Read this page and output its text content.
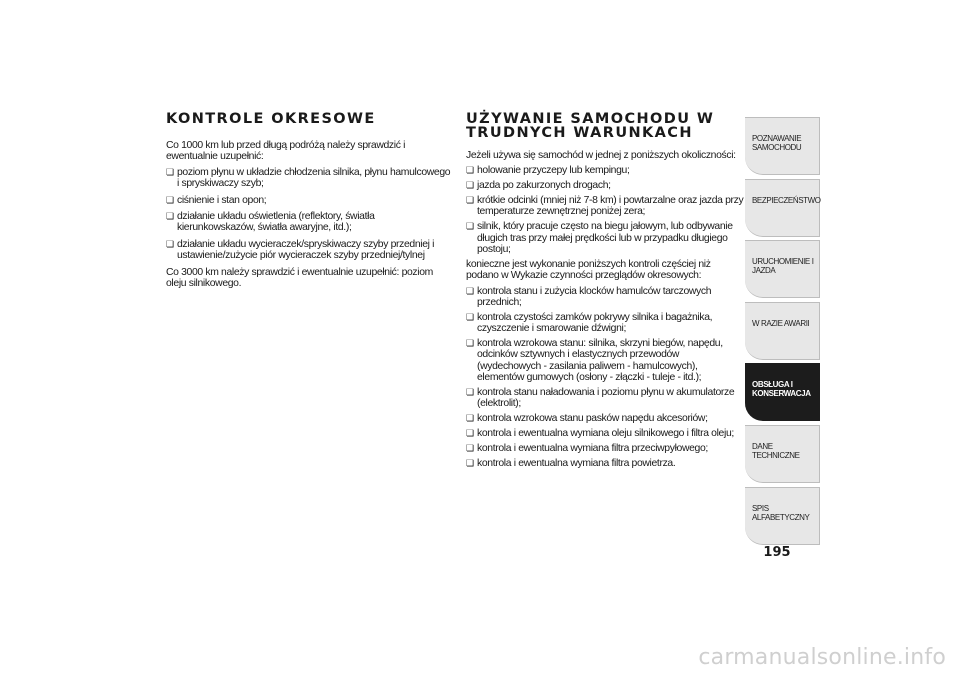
KONTROLE OKRESOWE

Co 1000 km lub przed długą podróżą należy sprawdzić i ewentualnie uzupełnić:

❏ poziom płynu w układzie chłodzenia silnika, płynu hamulcowego i spryskiwaczy szyb;
❏ ciśnienie i stan opon;
❏ działanie układu oświetlenia (reflektory, światła kierunkowskazów, światła awaryjne, itd.);
❏ działanie układu wycieraczek/spryskiwaczy szyby przedniej i ustawienie/zużycie piór wycieraczek szyby przedniej/tylnej

Co 3000 km należy sprawdzić i ewentualnie uzupełnić: poziom oleju silnikowego.

UŻYWANIE SAMOCHODU W TRUDNYCH WARUNKACH

Jeżeli używa się samochód w jednej z poniższych okoliczności:

❏ holowanie przyczepy lub kempingu;
❏ jazda po zakurzonych drogach;
❏ krótkie odcinki (mniej niż 7-8 km) i powtarzalne oraz jazda przy temperaturze zewnętrznej poniżej zera;
❏ silnik, który pracuje często na biegu jałowym, lub odbywanie długich tras przy małej prędkości lub w przypadku długiego postoju;

konieczne jest wykonanie poniższych kontroli częściej niż podano w Wykazie czynności przeglądów okresowych:

❏ kontrola stanu i zużycia klocków hamulców tarczowych przednich;
❏ kontrola czystości zamków pokrywy silnika i bagażnika, czyszczenie i smarowanie dźwigni;
❏ kontrola wzrokowa stanu: silnika, skrzyni biegów, napędu, odcinków sztywnych i elastycznych przewodów (wydechowych - zasilania paliwem - hamulcowych), elementów gumowych (osłony - złączki - tuleje - itd.);
❏ kontrola stanu naładowania i poziomu płynu w akumulatorze (elektrolit);
❏ kontrola wzrokowa stanu pasków napędu akcesoriów;
❏ kontrola i ewentualna wymiana oleju silnikowego i filtra oleju;
❏ kontrola i ewentualna wymiana filtra przeciwpyłowego;
❏ kontrola i ewentualna wymiana filtra powietrza.
POZNAWANIE SAMOCHODU
BEZPIECZEŃSTWO
URUCHOMIENIE I JAZDA
W RAZIE AWARII
OBSŁUGA I KONSERWACJA
DANE TECHNICZNE
SPIS ALFABETYCZNY
195
carmanualsonline.info
